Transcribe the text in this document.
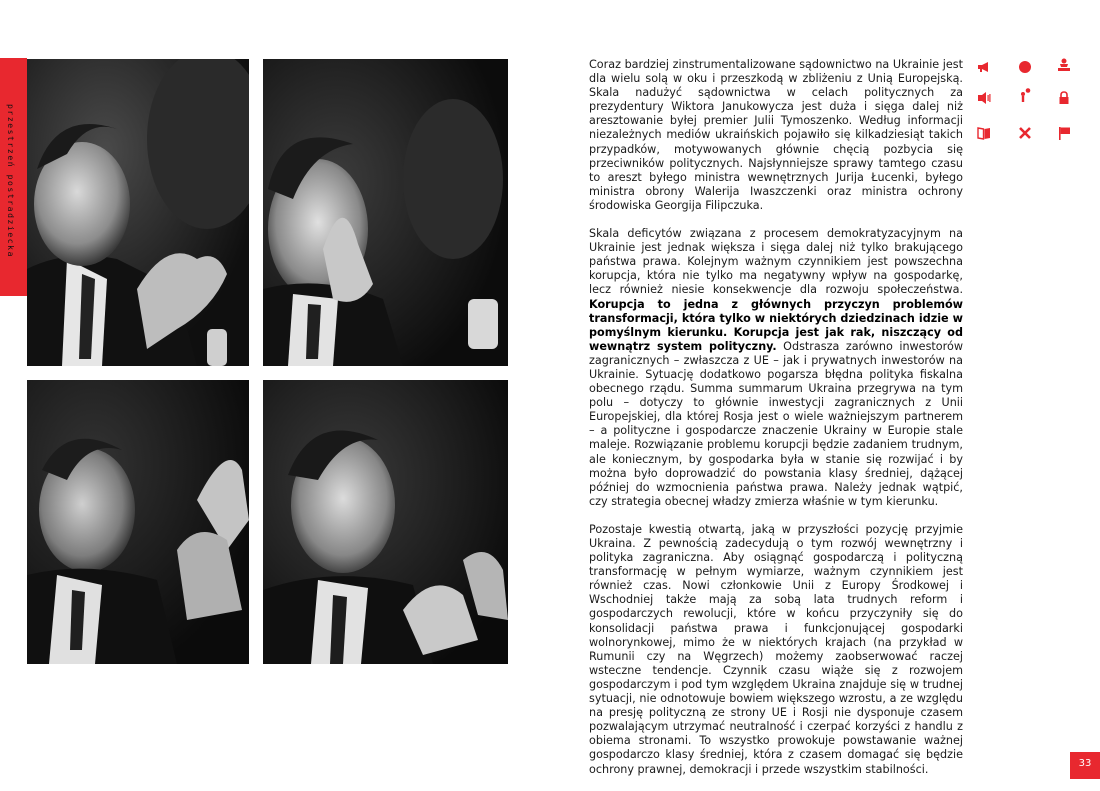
przestrzeń postradziecka

Coraz bardziej zinstrumentalizowane sądownictwo na Ukrainie jest dla wielu solą w oku i przeszkodą w zbliżeniu z Unią Europejską. Skala nadużyć sądownictwa w celach politycznych za prezydentury Wiktora Janukowycza jest duża i sięga dalej niż aresztowanie byłej premier Julii Tymoszenko. Według informacji niezależnych mediów ukraińskich pojawiło się kilkadziesiąt takich przypadków, motywowanych głównie chęcią pozbycia się przeciwników politycznych. Najsłynniejsze sprawy tamtego czasu to areszt byłego ministra wewnętrznych Jurija Łucenki, byłego ministra obrony Walerija Iwaszczenki oraz ministra ochrony środowiska Georgija Filipczuka.

Skala deficytów związana z procesem demokratyzacyjnym na Ukrainie jest jednak większa i sięga dalej niż tylko brakującego państwa prawa. Kolejnym ważnym czynnikiem jest powszechna korupcja, która nie tylko ma negatywny wpływ na gospodarkę, lecz również niesie konsekwencje dla rozwoju społeczeństwa. Korupcja to jedna z głównych przyczyn problemów transformacji, która tylko w niektórych dziedzinach idzie w pomyślnym kierunku. Korupcja jest jak rak, niszczący od wewnątrz system polityczny. Odstrasza zarówno inwestorów zagranicznych – zwłaszcza z UE – jak i prywatnych inwestorów na Ukrainie. Sytuację dodatkowo pogarsza błędna polityka fiskalna obecnego rządu. Summa summarum Ukraina przegrywa na tym polu – dotyczy to głównie inwestycji zagranicznych z Unii Europejskiej, dla której Rosja jest o wiele ważniejszym partnerem – a polityczne i gospodarcze znaczenie Ukrainy w Europie stale maleje. Rozwiązanie problemu korupcji będzie zadaniem trudnym, ale koniecznym, by gospodarka była w stanie się rozwijać i by można było doprowadzić do powstania klasy średniej, dążącej później do wzmocnienia państwa prawa. Należy jednak wątpić, czy strategia obecnej władzy zmierza właśnie w tym kierunku.

Pozostaje kwestią otwartą, jaką w przyszłości pozycję przyjmie Ukraina. Z pewnością zadecydują o tym rozwój wewnętrzny i polityka zagraniczna. Aby osiągnąć gospodarczą i polityczną transformację w pełnym wymiarze, ważnym czynnikiem jest również czas. Nowi członkowie Unii z Europy Środkowej i Wschodniej także mają za sobą lata trudnych reform i gospodarczych rewolucji, które w końcu przyczyniły się do konsolidacji państwa prawa i funkcjonującej gospodarki wolnorynkowej, mimo że w niektórych krajach (na przykład w Rumunii czy na Węgrzech) możemy zaobserwować raczej wsteczne tendencje. Czynnik czasu wiąże się z rozwojem gospodarczym i pod tym względem Ukraina znajduje się w trudnej sytuacji, nie odnotowuje bowiem większego wzrostu, a ze względu na presję polityczną ze strony UE i Rosji nie dysponuje czasem pozwalającym utrzymać neutralność i czerpać korzyści z handlu z obiema stronami. To wszystko prowokuje powstawanie ważnej gospodarczo klasy średniej, która z czasem domagać się będzie ochrony prawnej, demokracji i przede wszystkim stabilności.	33
